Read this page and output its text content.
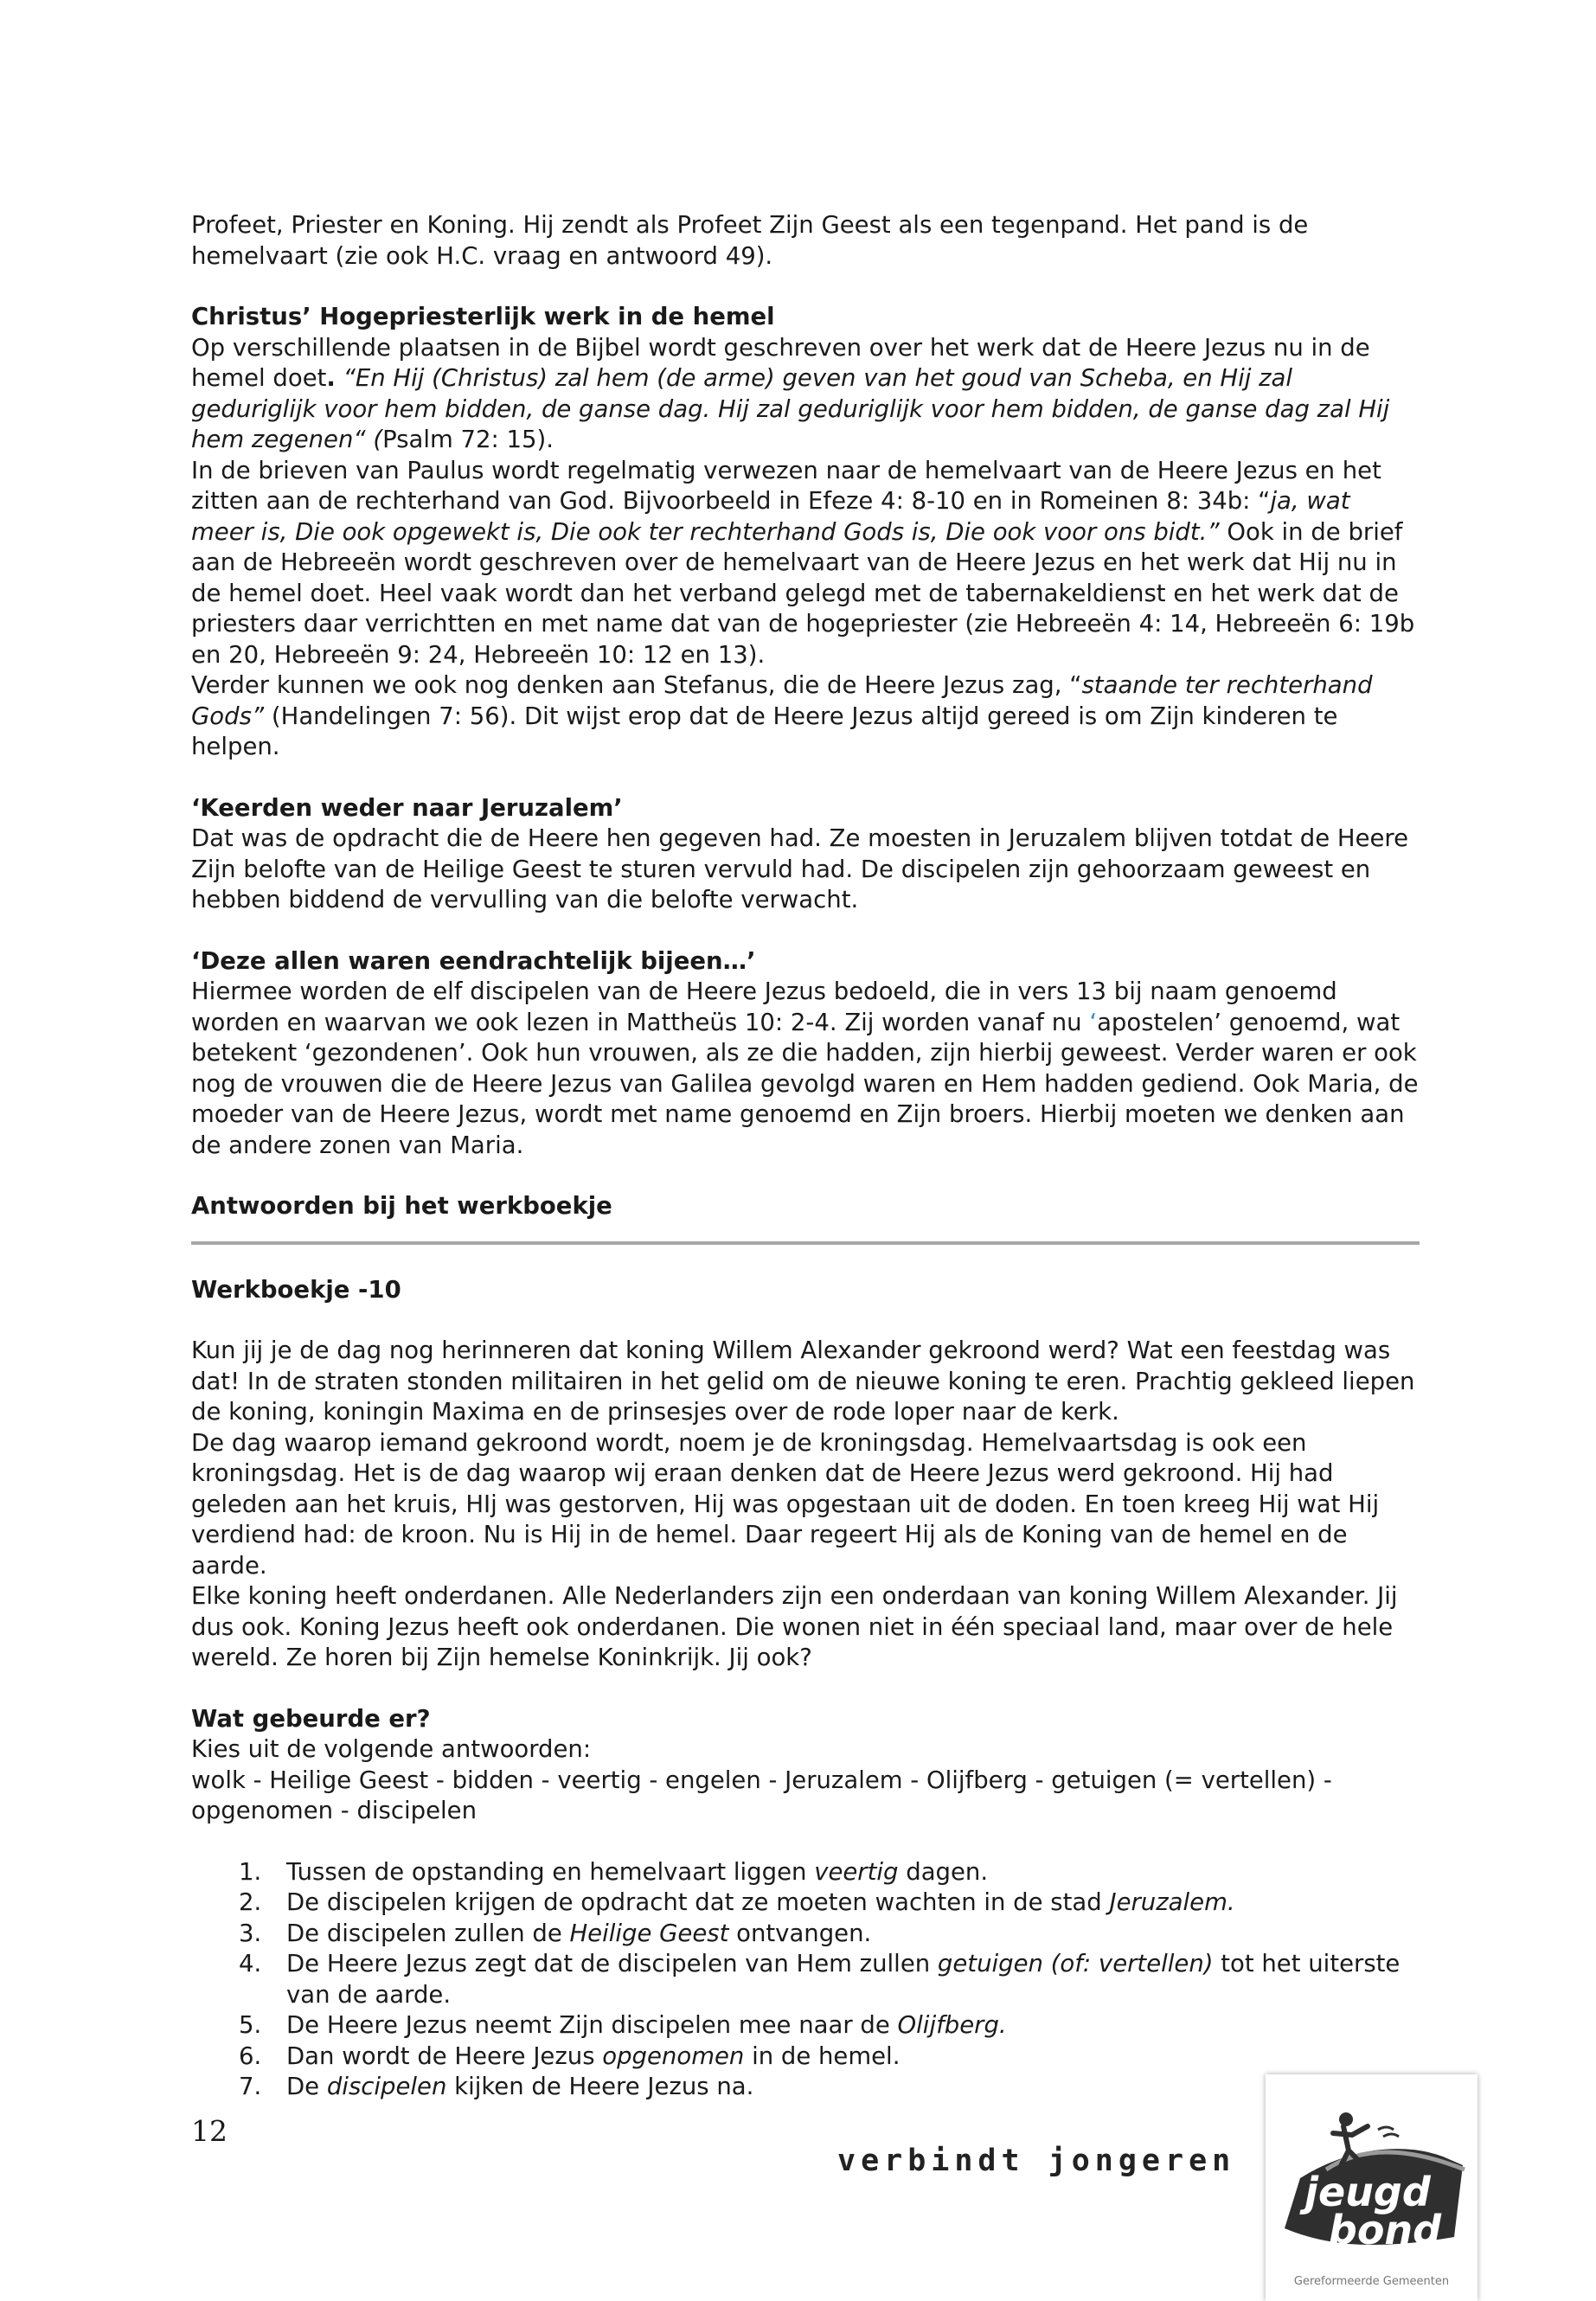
Profeet, Priester en Koning. Hij zendt als Profeet Zijn Geest als een tegenpand. Het pand is de hemelvaart (zie ook H.C. vraag en antwoord 49).

Christus’ Hogepriesterlijk werk in de hemel

Op verschillende plaatsen in de Bijbel wordt geschreven over het werk dat de Heere Jezus nu in de hemel doet. “En Hij (Christus) zal hem (de arme) geven van het goud van Scheba, en Hij zal geduriglijk voor hem bidden, de ganse dag. Hij zal geduriglijk voor hem bidden, de ganse dag zal Hij hem zegenen“ (Psalm 72: 15).

In de brieven van Paulus wordt regelmatig verwezen naar de hemelvaart van de Heere Jezus en het zitten aan de rechterhand van God. Bijvoorbeeld in Efeze 4: 8-10 en in Romeinen 8: 34b: “ja, wat meer is, Die ook opgewekt is, Die ook ter rechterhand Gods is, Die ook voor ons bidt.” Ook in de brief aan de Hebreeën wordt geschreven over de hemelvaart van de Heere Jezus en het werk dat Hij nu in de hemel doet. Heel vaak wordt dan het verband gelegd met de tabernakeldienst en het werk dat de priesters daar verrichtten en met name dat van de hogepriester (zie Hebreeën 4: 14, Hebreeën 6: 19b en 20, Hebreeën 9: 24, Hebreeën 10: 12 en 13).

Verder kunnen we ook nog denken aan Stefanus, die de Heere Jezus zag, “staande ter rechterhand Gods” (Handelingen 7: 56). Dit wijst erop dat de Heere Jezus altijd gereed is om Zijn kinderen te helpen.

‘Keerden weder naar Jeruzalem’

Dat was de opdracht die de Heere hen gegeven had. Ze moesten in Jeruzalem blijven totdat de Heere Zijn belofte van de Heilige Geest te sturen vervuld had. De discipelen zijn gehoorzaam geweest en hebben biddend de vervulling van die belofte verwacht.

‘Deze allen waren eendrachtelijk bijeen…’

Hiermee worden de elf discipelen van de Heere Jezus bedoeld, die in vers 13 bij naam genoemd worden en waarvan we ook lezen in Mattheüs 10: 2-4. Zij worden vanaf nu ‘apostelen’ genoemd, wat betekent ‘gezondenen’. Ook hun vrouwen, als ze die hadden, zijn hierbij geweest. Verder waren er ook nog de vrouwen die de Heere Jezus van Galilea gevolgd waren en Hem hadden gediend. Ook Maria, de moeder van de Heere Jezus, wordt met name genoemd en Zijn broers. Hierbij moeten we denken aan de andere zonen van Maria.

Antwoorden bij het werkboekje

Werkboekje -10

Kun jij je de dag nog herinneren dat koning Willem Alexander gekroond werd? Wat een feestdag was dat! In de straten stonden militairen in het gelid om de nieuwe koning te eren. Prachtig gekleed liepen de koning, koningin Maxima en de prinsesjes over de rode loper naar de kerk.

De dag waarop iemand gekroond wordt, noem je de kroningsdag. Hemelvaartsdag is ook een kroningsdag. Het is de dag waarop wij eraan denken dat de Heere Jezus werd gekroond. Hij had geleden aan het kruis, HIj was gestorven, Hij was opgestaan uit de doden. En toen kreeg Hij wat Hij verdiend had: de kroon. Nu is Hij in de hemel. Daar regeert Hij als de Koning van de hemel en de aarde.

Elke koning heeft onderdanen. Alle Nederlanders zijn een onderdaan van koning Willem Alexander. Jij dus ook. Koning Jezus heeft ook onderdanen. Die wonen niet in één speciaal land, maar over de hele wereld. Ze horen bij Zijn hemelse Koninkrijk. Jij ook?

Wat gebeurde er?

Kies uit de volgende antwoorden:

wolk - Heilige Geest - bidden - veertig - engelen - Jeruzalem - Olijfberg - getuigen (= vertellen) - opgenomen - discipelen

1. Tussen de opstanding en hemelvaart liggen veertig dagen.
2. De discipelen krijgen de opdracht dat ze moeten wachten in de stad Jeruzalem.
3. De discipelen zullen de Heilige Geest ontvangen.
4. De Heere Jezus zegt dat de discipelen van Hem zullen getuigen (of: vertellen) tot het uiterste van de aarde.
5. De Heere Jezus neemt Zijn discipelen mee naar de Olijfberg.
6. Dan wordt de Heere Jezus opgenomen in de hemel.
7. De discipelen kijken de Heere Jezus na.
12
verbindt jongeren
jeugd
bond
Gereformeerde Gemeenten
